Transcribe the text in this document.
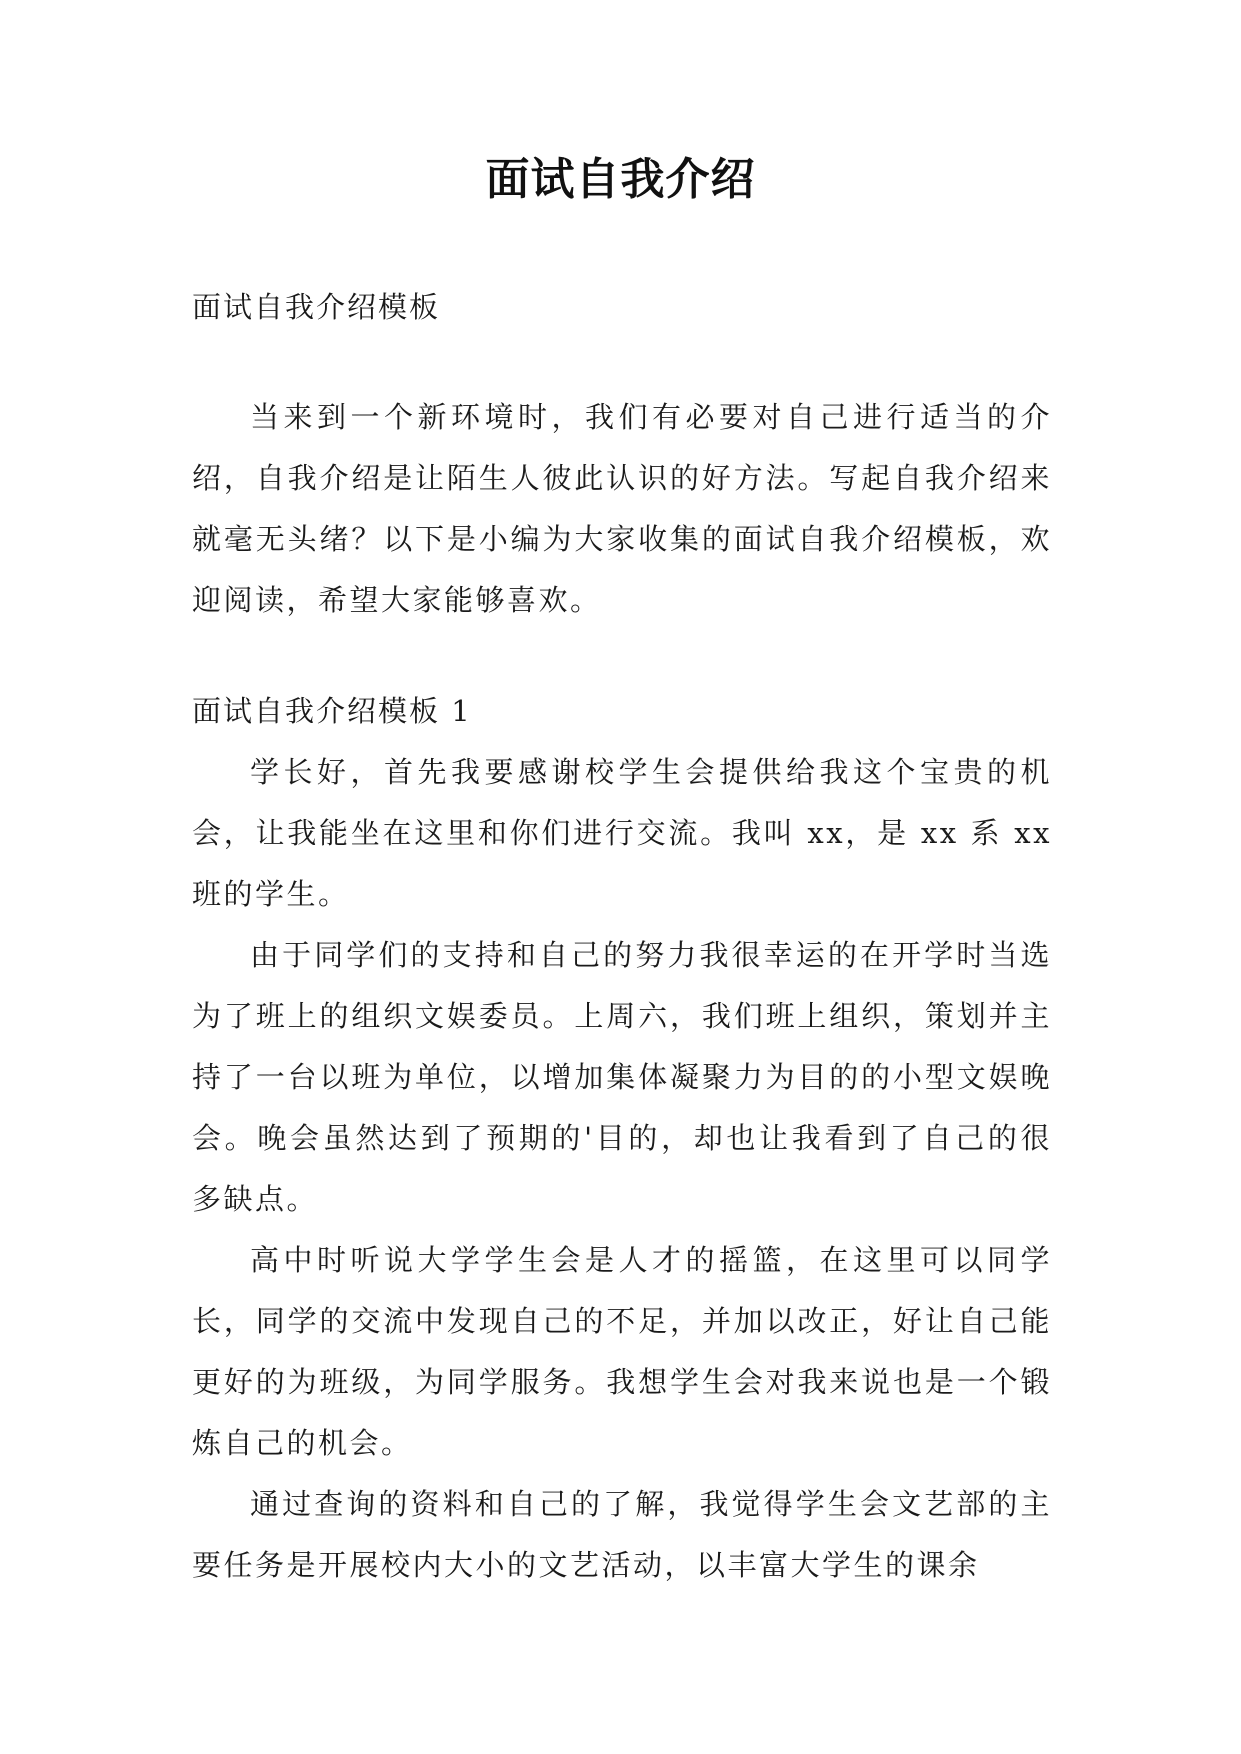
面试自我介绍

面试自我介绍模板

当来到一个新环境时，我们有必要对自己进行适当的介绍，自我介绍是让陌生人彼此认识的好方法。写起自我介绍来就毫无头绪？以下是小编为大家收集的面试自我介绍模板，欢迎阅读，希望大家能够喜欢。

面试自我介绍模板 1

学长好，首先我要感谢校学生会提供给我这个宝贵的机会，让我能坐在这里和你们进行交流。我叫 xx，是 xx 系 xx 班的学生。

由于同学们的支持和自己的努力我很幸运的在开学时当选为了班上的组织文娱委员。上周六，我们班上组织，策划并主持了一台以班为单位，以增加集体凝聚力为目的的小型文娱晚会。晚会虽然达到了预期的'目的，却也让我看到了自己的很多缺点。

高中时听说大学学生会是人才的摇篮，在这里可以同学长，同学的交流中发现自己的不足，并加以改正，好让自己能更好的为班级，为同学服务。我想学生会对我来说也是一个锻炼自己的机会。

通过查询的资料和自己的了解，我觉得学生会文艺部的主要任务是开展校内大小的文艺活动，以丰富大学生的课余
